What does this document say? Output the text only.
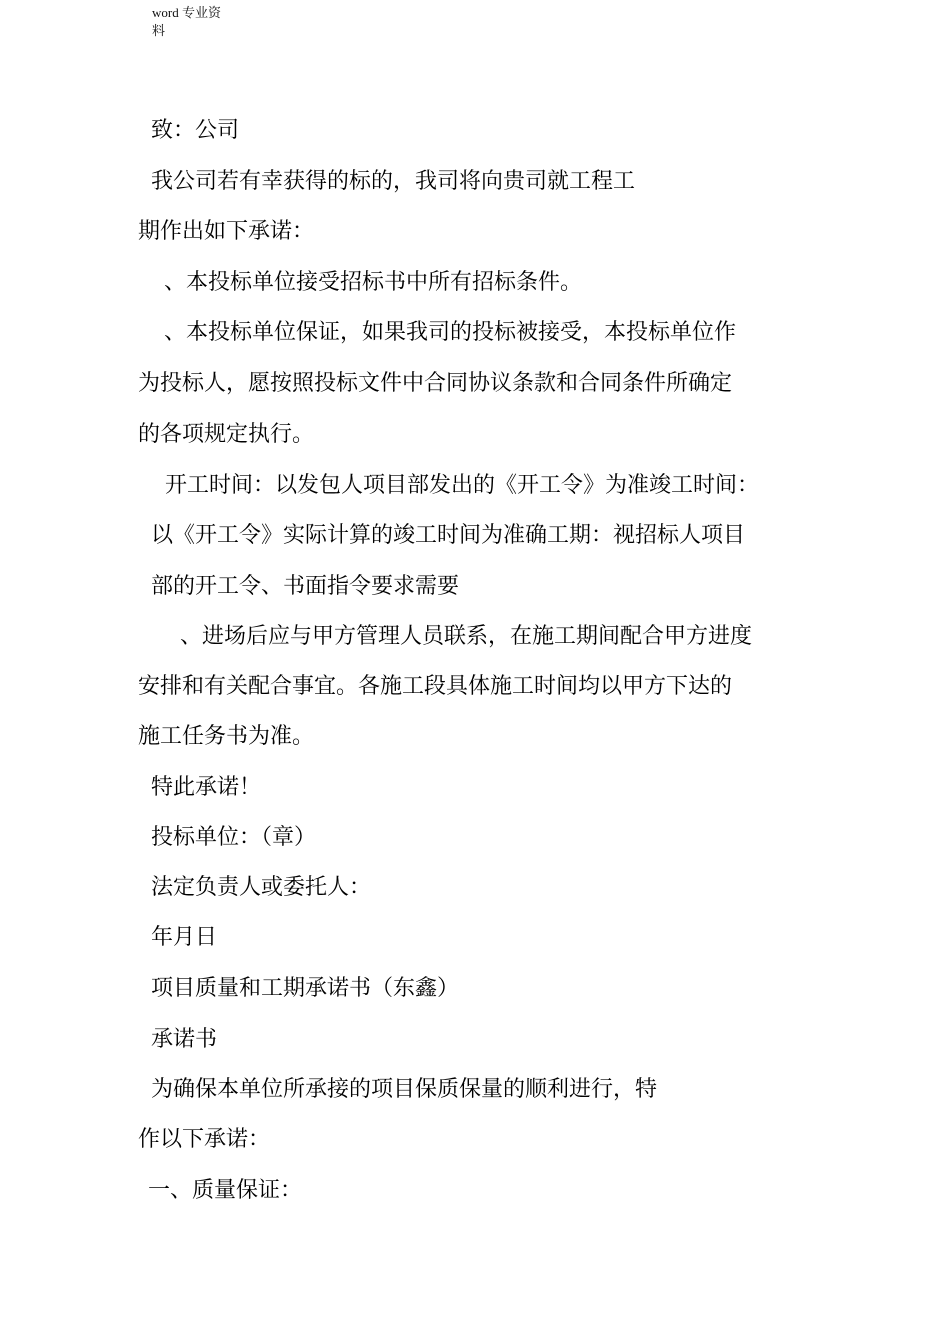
word 专业资
料
致：公司
我公司若有幸获得的标的，我司将向贵司就工程工
期作出如下承诺：
、本投标单位接受招标书中所有招标条件。
、本投标单位保证，如果我司的投标被接受，本投标单位作
为投标人，愿按照投标文件中合同协议条款和合同条件所确定
的各项规定执行。
开工时间：以发包人项目部发出的《开工令》为准竣工时间：
以《开工令》实际计算的竣工时间为准确工期：视招标人项目
部的开工令、书面指令要求需要
、进场后应与甲方管理人员联系，在施工期间配合甲方进度
安排和有关配合事宜。各施工段具体施工时间均以甲方下达的
施工任务书为准。
特此承诺！
投标单位：（章）
法定负责人或委托人：
年月日
项目质量和工期承诺书（东鑫）
承诺书
为确保本单位所承接的项目保质保量的顺利进行，特
作以下承诺：
一、质量保证：
